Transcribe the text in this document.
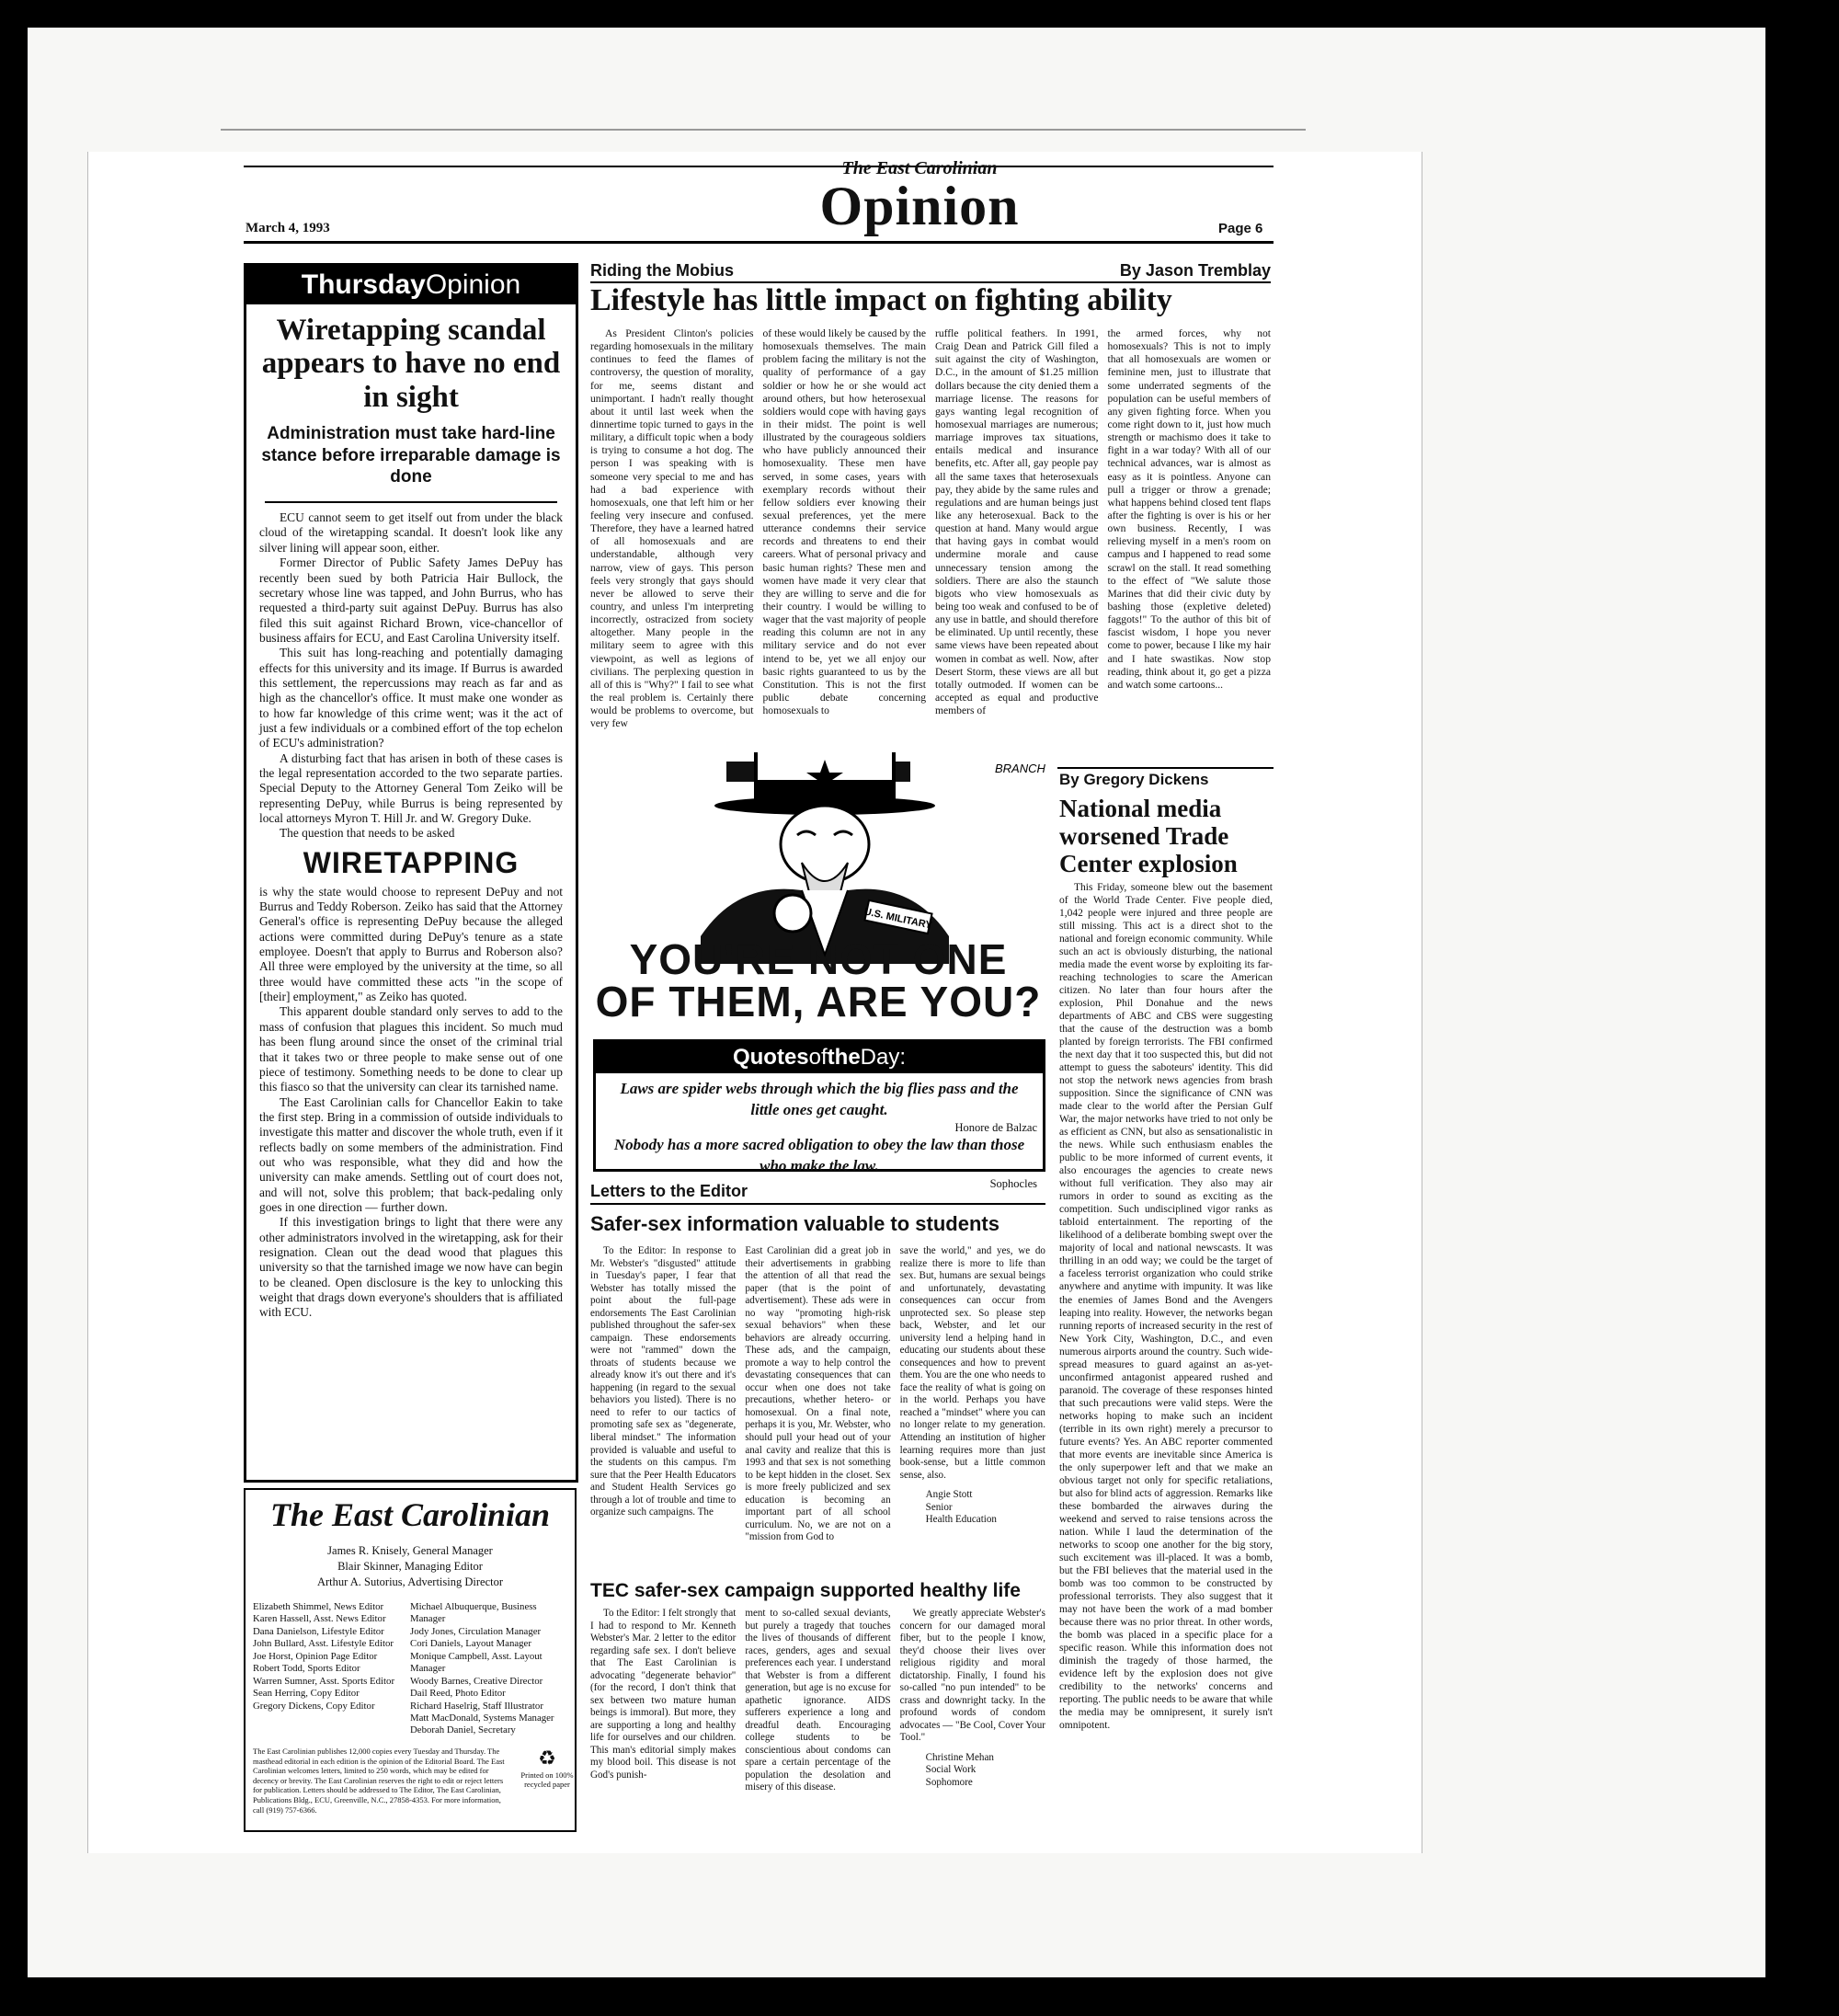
The East Carolinian
Opinion
March 4, 1993	Page 6
ThursdayOpinion
Wiretapping scandal appears to have no end in sight
Administration must take hard-line stance before irreparable damage is done

ECU cannot seem to get itself out from under the black cloud of the wiretapping scandal. It doesn't look like any silver lining will appear soon, either.

Former Director of Public Safety James DePuy has recently been sued by both Patricia Hair Bullock, the secretary whose line was tapped, and John Burrus, who has requested a third-party suit against DePuy. Burrus has also filed this suit against Richard Brown, vice-chancellor of business affairs for ECU, and East Carolina University itself.

This suit has long-reaching and potentially damaging effects for this university and its image. If Burrus is awarded this settlement, the repercussions may reach as far and as high as the chancellor's office. It must make one wonder as to how far knowledge of this crime went; was it the act of just a few individuals or a combined effort of the top echelon of ECU's administration?

A disturbing fact that has arisen in both of these cases is the legal representation accorded to the two separate parties. Special Deputy to the Attorney General Tom Zeiko will be representing DePuy, while Burrus is being represented by local attorneys Myron T. Hill Jr. and W. Gregory Duke.

The question that needs to be asked

WIRETAPPING

is why the state would choose to represent DePuy and not Burrus and Teddy Roberson. Zeiko has said that the Attorney General's office is representing DePuy because the alleged actions were committed during DePuy's tenure as a state employee. Doesn't that apply to Burrus and Roberson also? All three were employed by the university at the time, so all three would have committed these acts "in the scope of [their] employment," as Zeiko has quoted.

This apparent double standard only serves to add to the mass of confusion that plagues this incident. So much mud has been flung around since the onset of the criminal trial that it takes two or three people to make sense out of one piece of testimony. Something needs to be done to clear up this fiasco so that the university can clear its tarnished name.

The East Carolinian calls for Chancellor Eakin to take the first step. Bring in a commission of outside individuals to investigate this matter and discover the whole truth, even if it reflects badly on some members of the administration. Find out who was responsible, what they did and how the university can make amends. Settling out of court does not, and will not, solve this problem; that back-pedaling only goes in one direction — further down.

If this investigation brings to light that there were any other administrators involved in the wiretapping, ask for their resignation. Clean out the dead wood that plagues this university so that the tarnished image we now have can begin to be cleaned. Open disclosure is the key to unlocking this weight that drags down everyone's shoulders that is affiliated with ECU.

The East Carolinian
James R. Knisely, General Manager
Blair Skinner, Managing Editor
Arthur A. Sutorius, Advertising Director
Elizabeth Shimmel, News Editor
Karen Hassell, Asst. News Editor
Dana Danielson, Lifestyle Editor
John Bullard, Asst. Lifestyle Editor
Joe Horst, Opinion Page Editor
Robert Todd, Sports Editor
Warren Sumner, Asst. Sports Editor
Sean Herring, Copy Editor
Gregory Dickens, Copy Editor
Michael Albuquerque, Business Manager
Jody Jones, Circulation Manager
Cori Daniels, Layout Manager
Monique Campbell, Asst. Layout Manager
Woody Barnes, Creative Director
Dail Reed, Photo Editor
Richard Haselrig, Staff Illustrator
Matt MacDonald, Systems Manager
Deborah Daniel, Secretary
The East Carolinian publishes 12,000 copies every Tuesday and Thursday. The masthead editorial in each edition is the opinion of the Editorial Board. The East Carolinian welcomes letters, limited to 250 words, which may be edited for decency or brevity. The East Carolinian reserves the right to edit or reject letters for publication. Letters should be addressed to The Editor, The East Carolinian, Publications Bldg., ECU, Greenville, N.C., 27858-4353. For more information, call (919) 757-6366.
♻
Printed on 100% recycled paper
Riding the Mobius	By Jason Tremblay
Lifestyle has little impact on fighting ability

As President Clinton's policies regarding homosexuals in the military continues to feed the flames of controversy, the question of morality, for me, seems distant and unimportant. I hadn't really thought about it until last week when the dinnertime topic turned to gays in the military, a difficult topic when a body is trying to consume a hot dog. The person I was speaking with is someone very special to me and has had a bad experience with homosexuals, one that left him or her feeling very insecure and confused. Therefore, they have a learned hatred of all homosexuals and are understandable, although very narrow, view of gays. This person feels very strongly that gays should never be allowed to serve their country, and unless I'm interpreting incorrectly, ostracized from society altogether. Many people in the military seem to agree with this viewpoint, as well as legions of civilians. The perplexing question in all of this is "Why?" I fail to see what the real problem is. Certainly there would be problems to overcome, but very few

of these would likely be caused by the homosexuals themselves. The main problem facing the military is not the quality of performance of a gay soldier or how he or she would act around others, but how heterosexual soldiers would cope with having gays in their midst. The point is well illustrated by the courageous soldiers who have publicly announced their homosexuality. These men have served, in some cases, years with exemplary records without their fellow soldiers ever knowing their sexual preferences, yet the mere utterance condemns their service records and threatens to end their careers. What of personal privacy and basic human rights? These men and women have made it very clear that they are willing to serve and die for their country. I would be willing to wager that the vast majority of people reading this column are not in any military service and do not ever intend to be, yet we all enjoy our basic rights guaranteed to us by the Constitution. This is not the first public debate concerning homosexuals to

ruffle political feathers. In 1991, Craig Dean and Patrick Gill filed a suit against the city of Washington, D.C., in the amount of $1.25 million dollars because the city denied them a marriage license. The reasons for gays wanting legal recognition of homosexual marriages are numerous; marriage improves tax situations, entails medical and insurance benefits, etc. After all, gay people pay all the same taxes that heterosexuals pay, they abide by the same rules and regulations and are human beings just like any heterosexual. Back to the question at hand. Many would argue that having gays in combat would undermine morale and cause unnecessary tension among the soldiers. There are also the staunch bigots who view homosexuals as being too weak and confused to be of any use in battle, and should therefore be eliminated. Up until recently, these same views have been repeated about women in combat as well. Now, after Desert Storm, these views are all but totally outmoded. If women can be accepted as equal and productive members of

the armed forces, why not homosexuals? This is not to imply that all homosexuals are women or feminine men, just to illustrate that some underrated segments of the population can be useful members of any given fighting force. When you come right down to it, just how much strength or machismo does it take to fight in a war today? With all of our technical advances, war is almost as easy as it is pointless. Anyone can pull a trigger or throw a grenade; what happens behind closed tent flaps after the fighting is over is his or her own business. Recently, I was relieving myself in a men's room on campus and I happened to read some scrawl on the stall. It read something to the effect of "We salute those Marines that did their civic duty by bashing those (expletive deleted) faggots!" To the author of this bit of fascist wisdom, I hope you never come to power, because I like my hair and I hate swastikas. Now stop reading, think about it, go get a pizza and watch some cartoons...

U.S. MILITARY
BRANCH
YOU'RE NOT ONE
OF THEM, ARE YOU?
QuotesoftheDay:
Laws are spider webs through which the big flies pass and the little ones get caught.
Honore de Balzac
Nobody has a more sacred obligation to obey the law than those who make the law.
Sophocles
Letters to the Editor
Safer-sex information valuable to students

To the Editor: In response to Mr. Webster's "disgusted" attitude in Tuesday's paper, I fear that Webster has totally missed the point about the full-page endorsements The East Carolinian published throughout the safer-sex campaign. These endorsements were not "rammed" down the throats of students because we already know it's out there and it's happening (in regard to the sexual behaviors you listed). There is no need to refer to our tactics of promoting safe sex as "degenerate, liberal mindset." The information provided is valuable and useful to the students on this campus. I'm sure that the Peer Health Educators and Student Health Services go through a lot of trouble and time to organize such campaigns. The

East Carolinian did a great job in their advertisements in grabbing the attention of all that read the paper (that is the point of advertisement). These ads were in no way "promoting high-risk sexual behaviors" when these behaviors are already occurring. These ads, and the campaign, promote a way to help control the devastating consequences that can occur when one does not take precautions, whether hetero- or homosexual. On a final note, perhaps it is you, Mr. Webster, who should pull your head out of your anal cavity and realize that this is 1993 and that sex is not something to be kept hidden in the closet. Sex is more freely publicized and sex education is becoming an important part of all school curriculum. No, we are not on a "mission from God to

save the world," and yes, we do realize there is more to life than sex. But, humans are sexual beings and unfortunately, devastating consequences can occur from unprotected sex. So please step back, Webster, and let our university lend a helping hand in educating our students about these consequences and how to prevent them. You are the one who needs to face the reality of what is going on in the world. Perhaps you have reached a "mindset" where you can no longer relate to my generation. Attending an institution of higher learning requires more than just book-sense, but a little common sense, also.

Angie Stott

Senior

Health Education

TEC safer-sex campaign supported healthy life

To the Editor: I felt strongly that I had to respond to Mr. Kenneth Webster's Mar. 2 letter to the editor regarding safe sex. I don't believe that The East Carolinian is advocating "degenerate behavior" (for the record, I don't think that sex between two mature human beings is immoral). But more, they are supporting a long and healthy life for ourselves and our children. This man's editorial simply makes my blood boil. This disease is not God's punish-

ment to so-called sexual deviants, but purely a tragedy that touches the lives of thousands of different races, genders, ages and sexual preferences each year. I understand that Webster is from a different generation, but age is no excuse for apathetic ignorance. AIDS sufferers experience a long and dreadful death. Encouraging college students to be conscientious about condoms can spare a certain percentage of the population the desolation and misery of this disease.

We greatly appreciate Webster's concern for our damaged moral fiber, but to the people I know, they'd choose their lives over religious rigidity and moral dictatorship. Finally, I found his so-called "no pun intended" to be crass and downright tacky. In the profound words of condom advocates — "Be Cool, Cover Your Tool."

Christine Mehan

Social Work

Sophomore

By Gregory Dickens
National media worsened Trade Center explosion

This Friday, someone blew out the basement of the World Trade Center. Five people died, 1,042 people were injured and three people are still missing. This act is a direct shot to the national and foreign economic community. While such an act is obviously disturbing, the national media made the event worse by exploiting its far-reaching technologies to scare the American citizen. No later than four hours after the explosion, Phil Donahue and the news departments of ABC and CBS were suggesting that the cause of the destruction was a bomb planted by foreign terrorists. The FBI confirmed the next day that it too suspected this, but did not attempt to guess the saboteurs' identity. This did not stop the network news agencies from brash supposition. Since the significance of CNN was made clear to the world after the Persian Gulf War, the major networks have tried to not only be as efficient as CNN, but also as sensationalistic in the news. While such enthusiasm enables the public to be more informed of current events, it also encourages the agencies to create news without full verification. They also may air rumors in order to sound as exciting as the competition. Such undisciplined vigor ranks as tabloid entertainment. The reporting of the likelihood of a deliberate bombing swept over the majority of local and national newscasts. It was thrilling in an odd way; we could be the target of a faceless terrorist organization who could strike anywhere and anytime with impunity. It was like the enemies of James Bond and the Avengers leaping into reality. However, the networks began running reports of increased security in the rest of New York City, Washington, D.C., and even numerous airports around the country. Such wide-spread measures to guard against an as-yet-unconfirmed antagonist appeared rushed and paranoid. The coverage of these responses hinted that such precautions were valid steps. Were the networks hoping to make such an incident (terrible in its own right) merely a precursor to future events? Yes. An ABC reporter commented that more events are inevitable since America is the only superpower left and that we make an obvious target not only for specific retaliations, but also for blind acts of aggression. Remarks like these bombarded the airwaves during the weekend and served to raise tensions across the nation. While I laud the determination of the networks to scoop one another for the big story, such excitement was ill-placed. It was a bomb, but the FBI believes that the material used in the bomb was too common to be constructed by professional terrorists. They also suggest that it may not have been the work of a mad bomber because there was no prior threat. In other words, the bomb was placed in a specific place for a specific reason. While this information does not diminish the tragedy of those harmed, the evidence left by the explosion does not give credibility to the networks' concerns and reporting. The public needs to be aware that while the media may be omnipresent, it surely isn't omnipotent.
